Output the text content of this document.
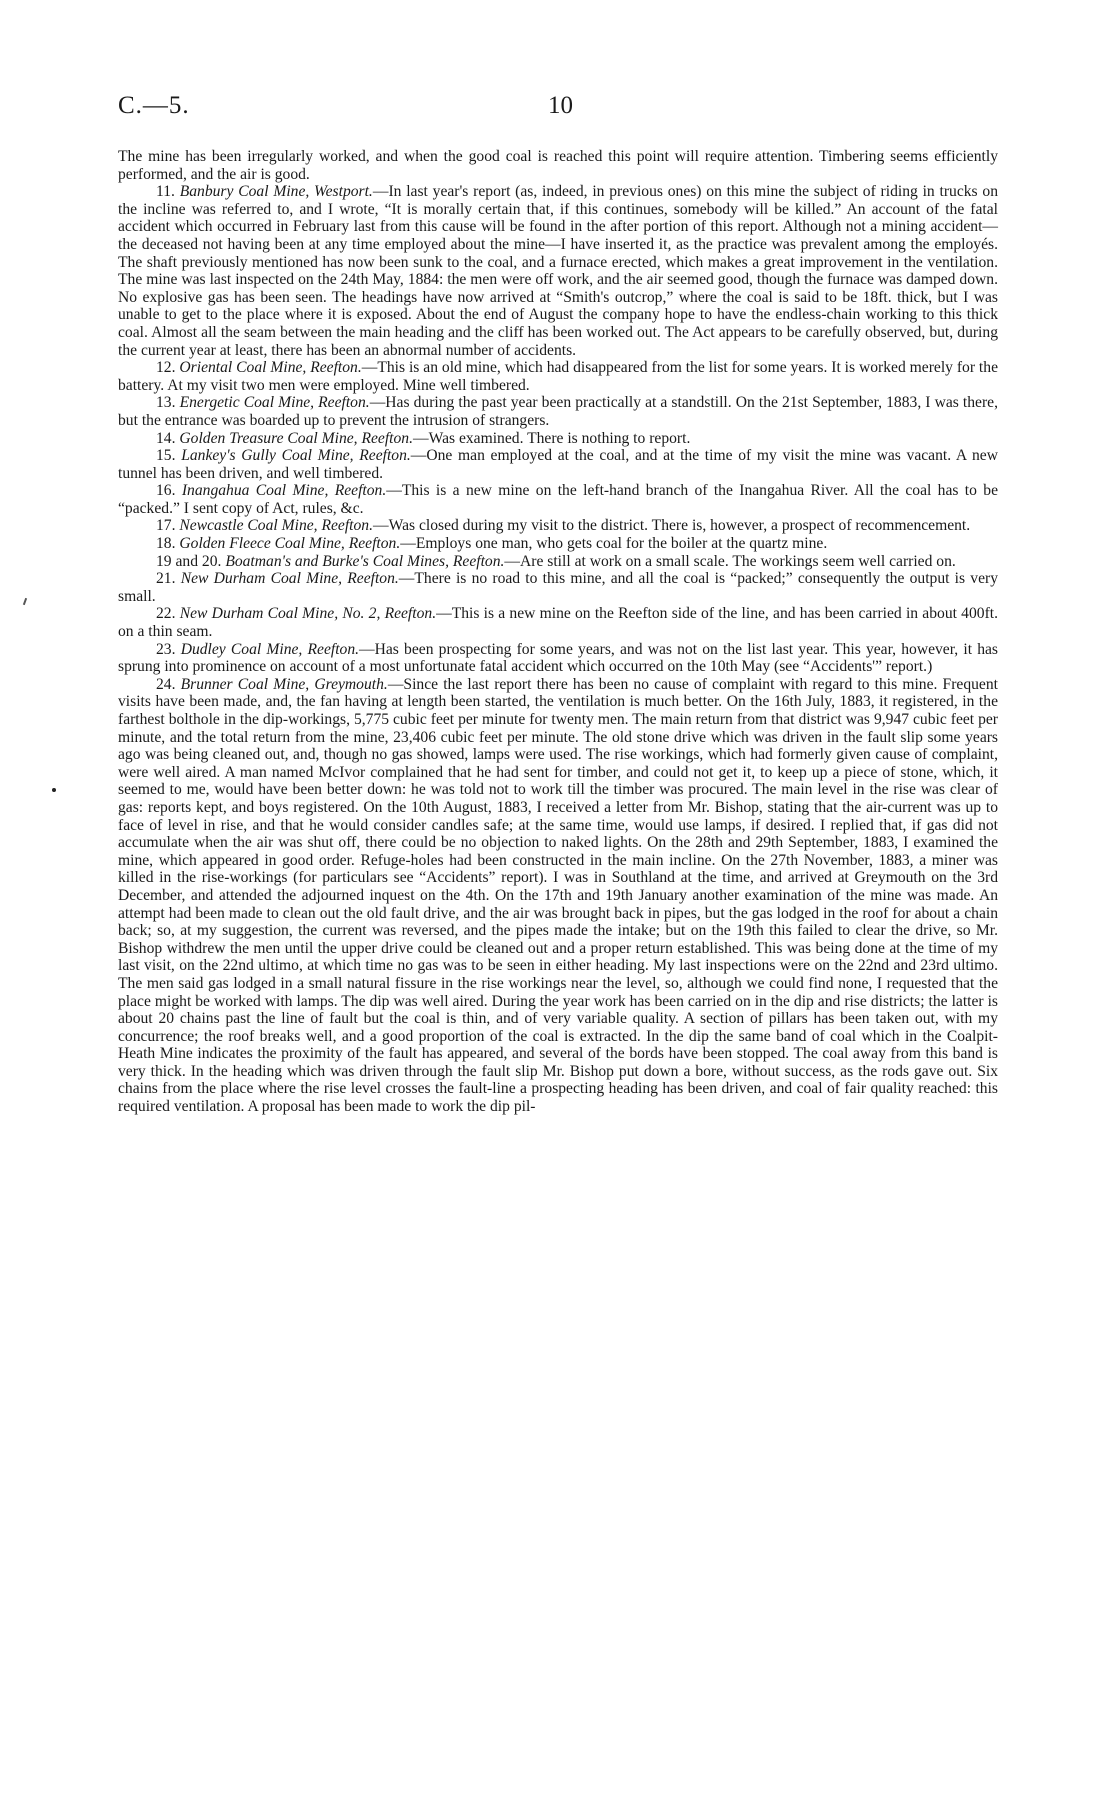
C.—5.	10

The mine has been irregularly worked, and when the good coal is reached this point will require attention. Timbering seems efficiently performed, and the air is good.

11. Banbury Coal Mine, Westport.—In last year's report (as, indeed, in previous ones) on this mine the subject of riding in trucks on the incline was referred to, and I wrote, “It is morally certain that, if this continues, somebody will be killed.” An account of the fatal accident which occurred in February last from this cause will be found in the after portion of this report. Although not a mining accident—the deceased not having been at any time employed about the mine—I have inserted it, as the practice was prevalent among the employés. The shaft previously mentioned has now been sunk to the coal, and a furnace erected, which makes a great improvement in the ventilation. The mine was last inspected on the 24th May, 1884: the men were off work, and the air seemed good, though the furnace was damped down. No explosive gas has been seen. The headings have now arrived at “Smith's outcrop,” where the coal is said to be 18ft. thick, but I was unable to get to the place where it is exposed. About the end of August the company hope to have the endless-chain working to this thick coal. Almost all the seam between the main heading and the cliff has been worked out. The Act appears to be carefully observed, but, during the current year at least, there has been an abnormal number of accidents.

12. Oriental Coal Mine, Reefton.—This is an old mine, which had disappeared from the list for some years. It is worked merely for the battery. At my visit two men were employed. Mine well timbered.

13. Energetic Coal Mine, Reefton.—Has during the past year been practically at a standstill. On the 21st September, 1883, I was there, but the entrance was boarded up to prevent the intrusion of strangers.

14. Golden Treasure Coal Mine, Reefton.—Was examined. There is nothing to report.

15. Lankey's Gully Coal Mine, Reefton.—One man employed at the coal, and at the time of my visit the mine was vacant. A new tunnel has been driven, and well timbered.

16. Inangahua Coal Mine, Reefton.—This is a new mine on the left-hand branch of the Inangahua River. All the coal has to be “packed.” I sent copy of Act, rules, &c.

17. Newcastle Coal Mine, Reefton.—Was closed during my visit to the district. There is, however, a prospect of recommencement.

18. Golden Fleece Coal Mine, Reefton.—Employs one man, who gets coal for the boiler at the quartz mine.

19 and 20. Boatman's and Burke's Coal Mines, Reefton.—Are still at work on a small scale. The workings seem well carried on.

21. New Durham Coal Mine, Reefton.—There is no road to this mine, and all the coal is “packed;” consequently the output is very small.

22. New Durham Coal Mine, No. 2, Reefton.—This is a new mine on the Reefton side of the line, and has been carried in about 400ft. on a thin seam.

23. Dudley Coal Mine, Reefton.—Has been prospecting for some years, and was not on the list last year. This year, however, it has sprung into prominence on account of a most unfortunate fatal accident which occurred on the 10th May (see “Accidents'” report.)

24. Brunner Coal Mine, Greymouth.—Since the last report there has been no cause of complaint with regard to this mine. Frequent visits have been made, and, the fan having at length been started, the ventilation is much better. On the 16th July, 1883, it registered, in the farthest bolthole in the dip-workings, 5,775 cubic feet per minute for twenty men. The main return from that district was 9,947 cubic feet per minute, and the total return from the mine, 23,406 cubic feet per minute. The old stone drive which was driven in the fault slip some years ago was being cleaned out, and, though no gas showed, lamps were used. The rise workings, which had formerly given cause of complaint, were well aired. A man named McIvor complained that he had sent for timber, and could not get it, to keep up a piece of stone, which, it seemed to me, would have been better down: he was told not to work till the timber was procured. The main level in the rise was clear of gas: reports kept, and boys registered. On the 10th August, 1883, I received a letter from Mr. Bishop, stating that the air-current was up to face of level in rise, and that he would consider candles safe; at the same time, would use lamps, if desired. I replied that, if gas did not accumulate when the air was shut off, there could be no objection to naked lights. On the 28th and 29th September, 1883, I examined the mine, which appeared in good order. Refuge-holes had been constructed in the main incline. On the 27th November, 1883, a miner was killed in the rise-workings (for particulars see “Accidents” report). I was in Southland at the time, and arrived at Greymouth on the 3rd December, and attended the adjourned inquest on the 4th. On the 17th and 19th January another examination of the mine was made. An attempt had been made to clean out the old fault drive, and the air was brought back in pipes, but the gas lodged in the roof for about a chain back; so, at my suggestion, the current was reversed, and the pipes made the intake; but on the 19th this failed to clear the drive, so Mr. Bishop withdrew the men until the upper drive could be cleaned out and a proper return established. This was being done at the time of my last visit, on the 22nd ultimo, at which time no gas was to be seen in either heading. My last inspections were on the 22nd and 23rd ultimo. The men said gas lodged in a small natural fissure in the rise workings near the level, so, although we could find none, I requested that the place might be worked with lamps. The dip was well aired. During the year work has been carried on in the dip and rise districts; the latter is about 20 chains past the line of fault but the coal is thin, and of very variable quality. A section of pillars has been taken out, with my concurrence; the roof breaks well, and a good proportion of the coal is extracted. In the dip the same band of coal which in the Coalpit-Heath Mine indicates the proximity of the fault has appeared, and several of the bords have been stopped. The coal away from this band is very thick. In the heading which was driven through the fault slip Mr. Bishop put down a bore, without success, as the rods gave out. Six chains from the place where the rise level crosses the fault-line a prospecting heading has been driven, and coal of fair quality reached: this required ventilation. A proposal has been made to work the dip pil-
